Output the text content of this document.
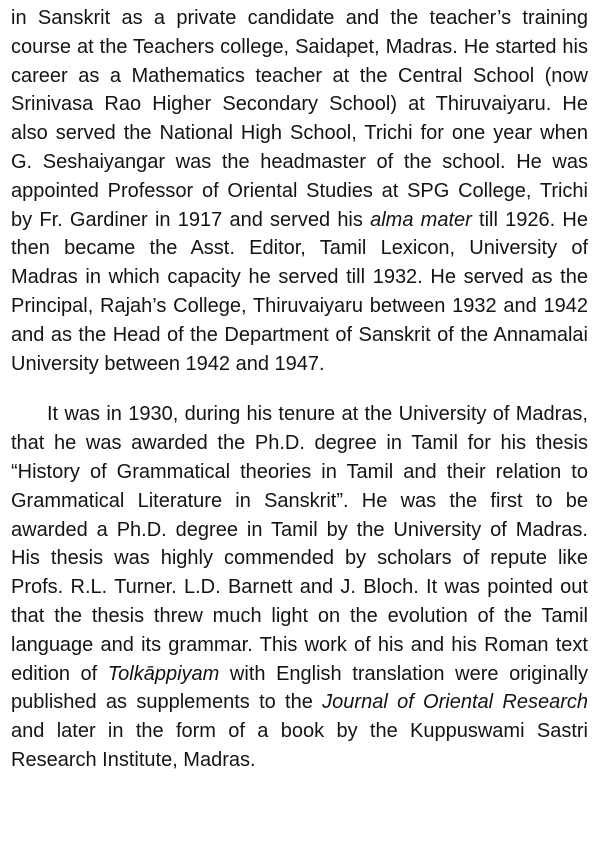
in Sanskrit as a private candidate and the teacher’s training course at the Teachers college, Saidapet, Madras. He started his career as a Mathematics teacher at the Central School (now Srinivasa Rao Higher Secondary School) at Thiruvaiyaru. He also served the National High School, Trichi for one year when G. Seshaiyangar was the headmaster of the school. He was appointed Professor of Oriental Studies at SPG College, Trichi by Fr. Gardiner in 1917 and served his alma mater till 1926. He then became the Asst. Editor, Tamil Lexicon, University of Madras in which capacity he served till 1932. He served as the Principal, Rajah’s College, Thiruvaiyaru between 1932 and 1942 and as the Head of the Department of Sanskrit of the Annamalai University between 1942 and 1947.

It was in 1930, during his tenure at the University of Madras, that he was awarded the Ph.D. degree in Tamil for his thesis “History of Grammatical theories in Tamil and their relation to Grammatical Literature in Sanskrit”. He was the first to be awarded a Ph.D. degree in Tamil by the University of Madras. His thesis was highly commended by scholars of repute like Profs. R.L. Turner. L.D. Barnett and J. Bloch. It was pointed out that the thesis threw much light on the evolution of the Tamil language and its grammar. This work of his and his Roman text edition of Tolkāppiyam with English translation were originally published as supplements to the Journal of Oriental Research and later in the form of a book by the Kuppuswami Sastri Research Institute, Madras.
